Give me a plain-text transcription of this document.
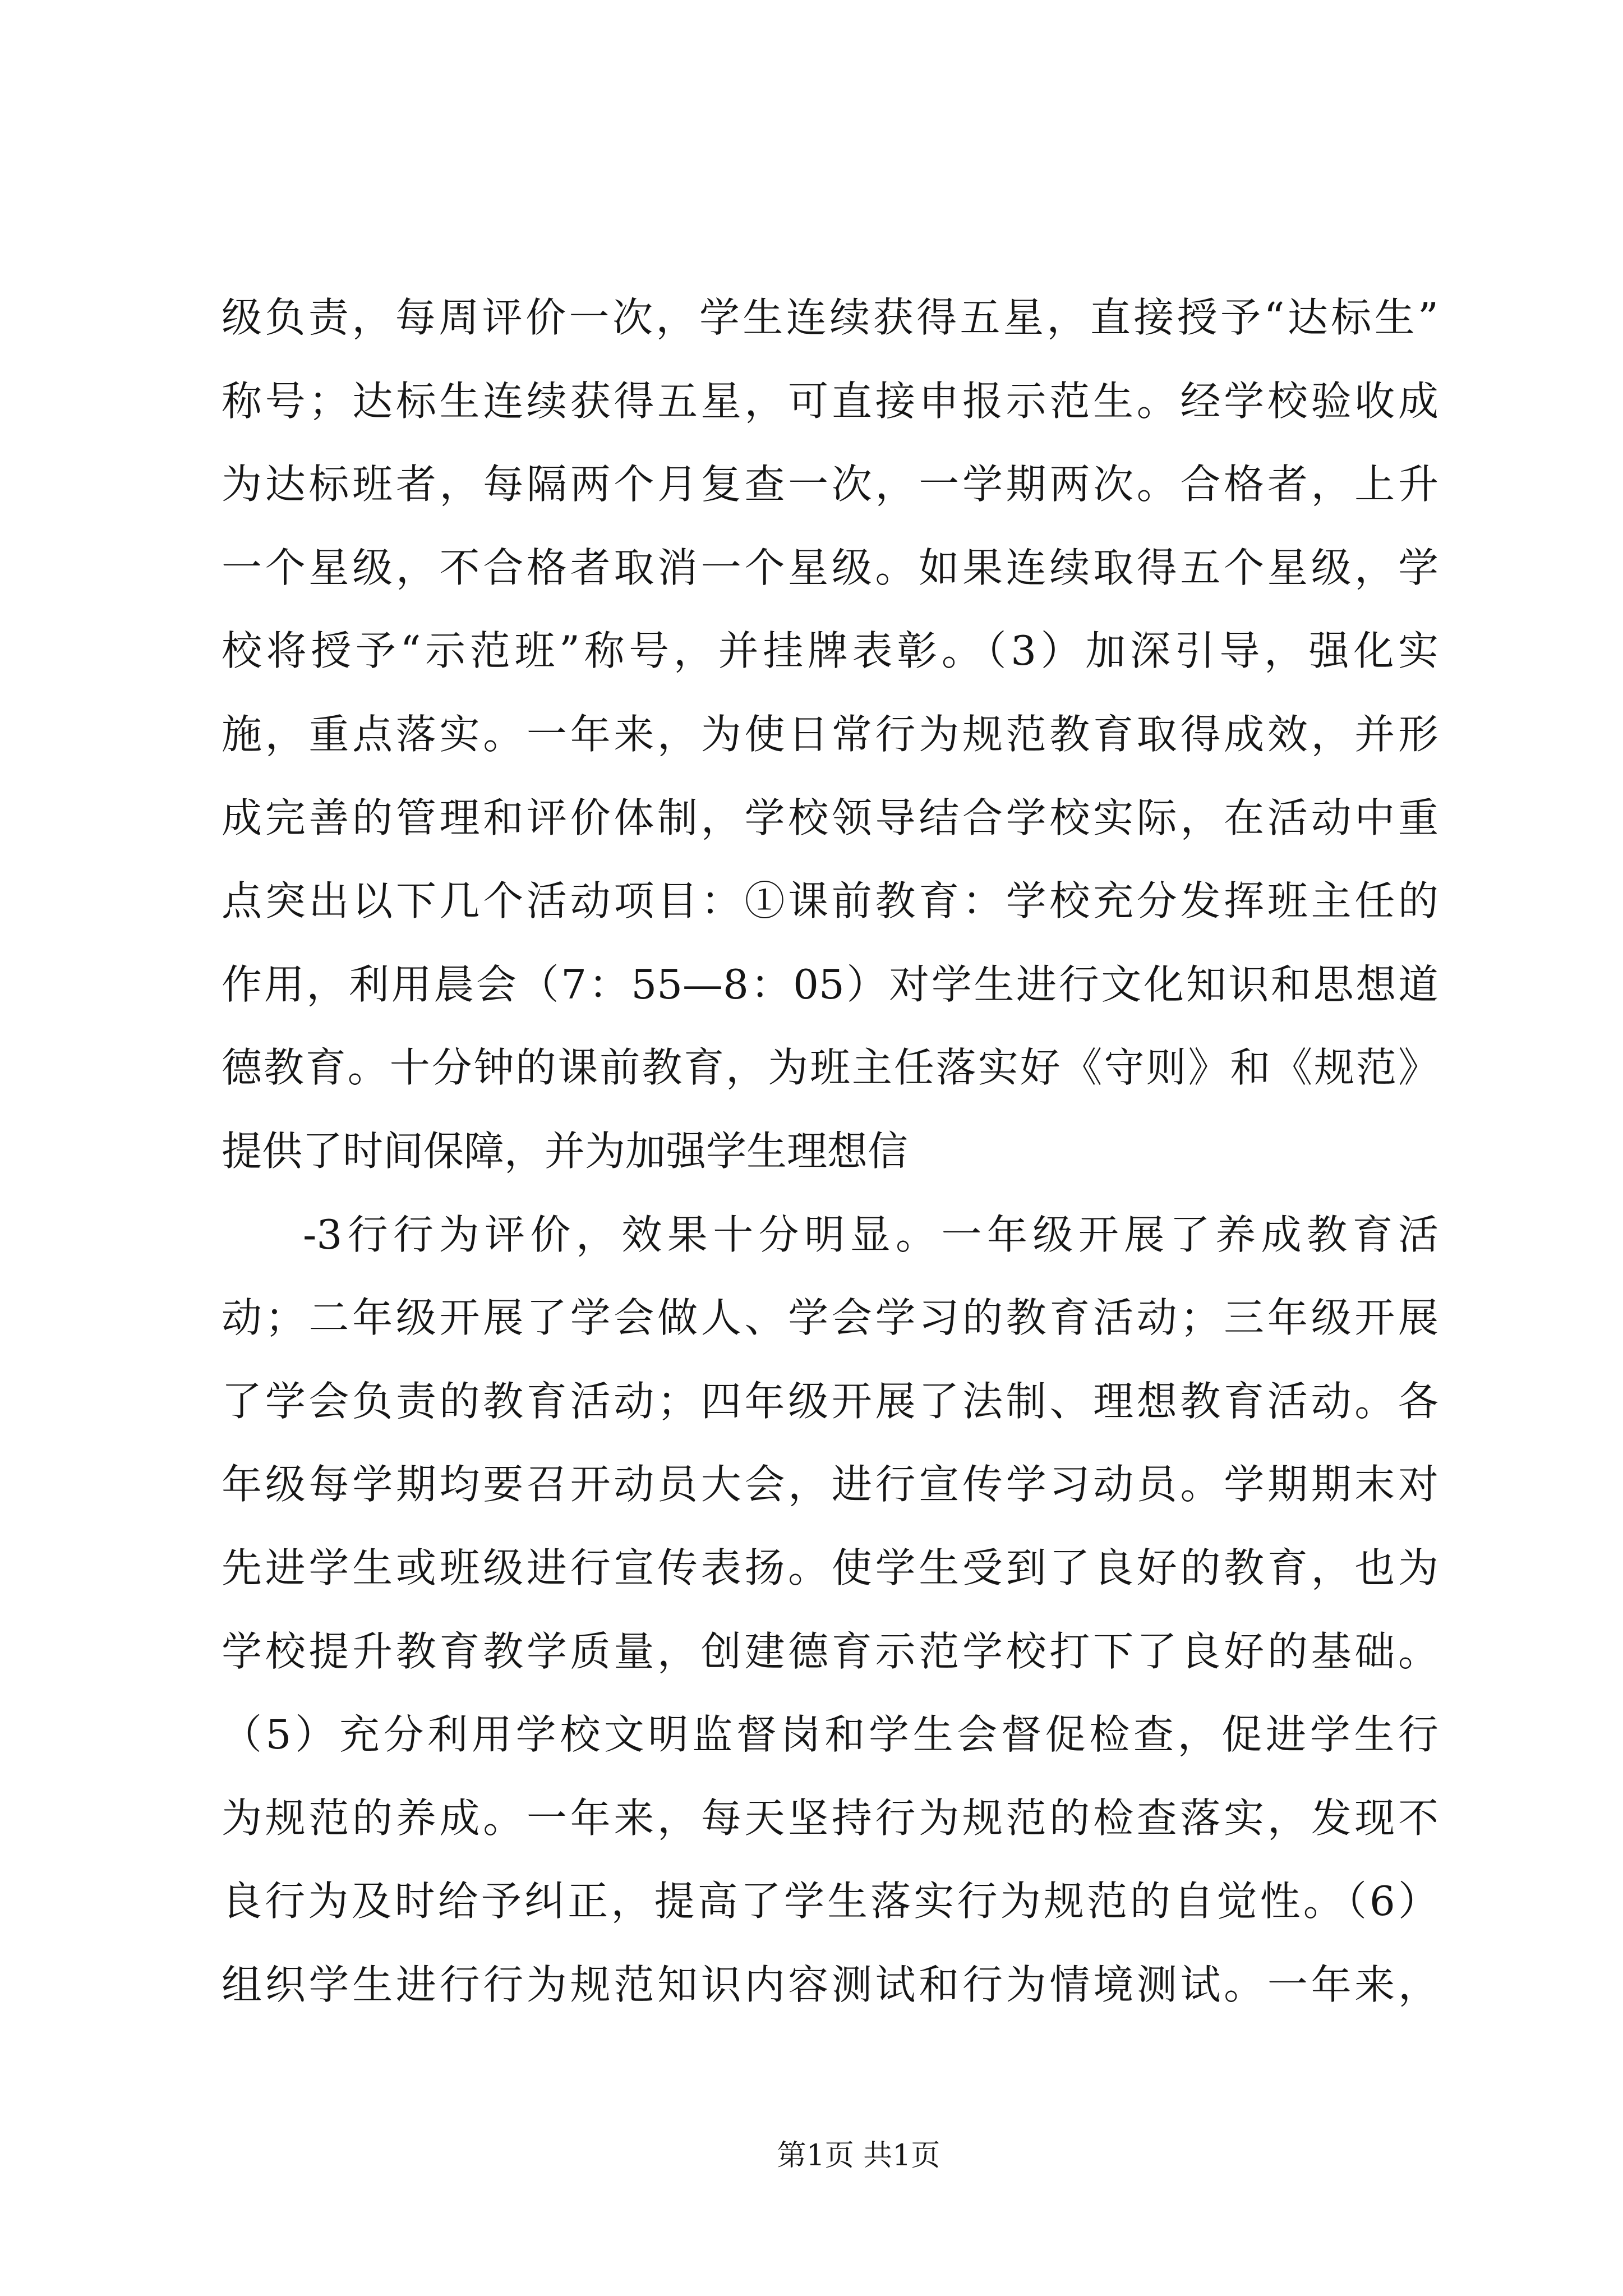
级负责，每周评价一次，学生连续获得五星，直接授予“达标生”
称号；达标生连续获得五星，可直接申报示范生。经学校验收成
为达标班者，每隔两个月复查一次，一学期两次。合格者，上升
一个星级，不合格者取消一个星级。如果连续取得五个星级，学
校将授予“示范班”称号，并挂牌表彰。（3）加深引导，强化实
施，重点落实。一年来，为使日常行为规范教育取得成效，并形
成完善的管理和评价体制，学校领导结合学校实际，在活动中重
点突出以下几个活动项目：①课前教育：学校充分发挥班主任的
作用，利用晨会（7：55—8：05）对学生进行文化知识和思想道
德教育。十分钟的课前教育，为班主任落实好《守则》和《规范》
提供了时间保障，并为加强学生理想信
-3行行为评价，效果十分明显。一年级开展了养成教育活
动；二年级开展了学会做人、学会学习的教育活动；三年级开展
了学会负责的教育活动；四年级开展了法制、理想教育活动。各
年级每学期均要召开动员大会，进行宣传学习动员。学期期末对
先进学生或班级进行宣传表扬。使学生受到了良好的教育，也为
学校提升教育教学质量，创建德育示范学校打下了良好的基础。
（5）充分利用学校文明监督岗和学生会督促检查，促进学生行
为规范的养成。一年来，每天坚持行为规范的检查落实，发现不
良行为及时给予纠正，提高了学生落实行为规范的自觉性。（6）
组织学生进行行为规范知识内容测试和行为情境测试。一年来，
第1页 共1页
